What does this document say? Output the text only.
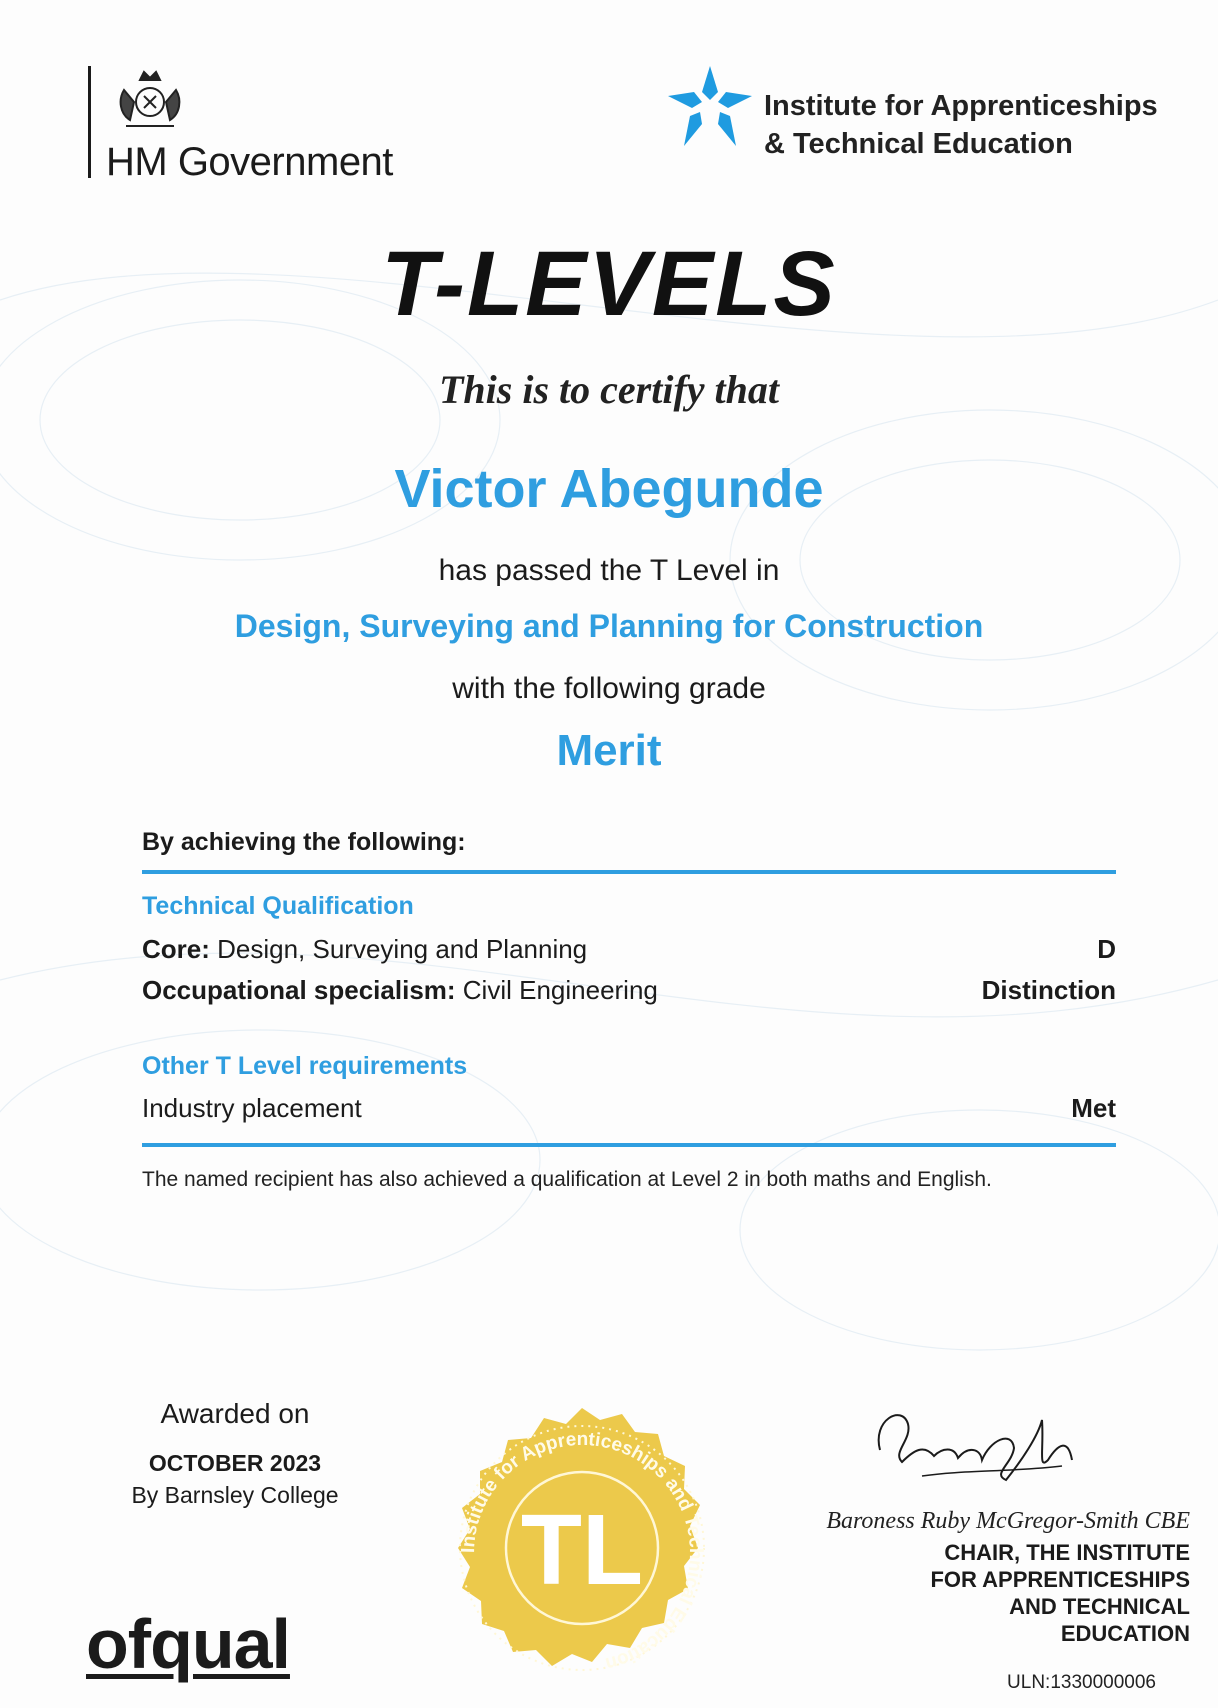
HM Government
Institute for Apprenticeships
& Technical Education
T-LEVELS
This is to certify that
Victor Abegunde
has passed the T Level in
Design, Surveying and Planning for Construction
with the following grade
Merit
By achieving the following:
Technical Qualification
Core: Design, Surveying and Planning	D
Occupational specialism: Civil Engineering	Distinction
Other T Level requirements
Industry placement	Met
The named recipient has also achieved a qualification at Level 2 in both maths and English.
Awarded on
OCTOBER 2023
By Barnsley College
ofqual
Institute for Apprenticeships and Technical Education
TL	Baroness Ruby McGregor-Smith CBE
CHAIR, THE INSTITUTE
FOR APPRENTICESHIPS
AND TECHNICAL
EDUCATION
ULN:1330000006
